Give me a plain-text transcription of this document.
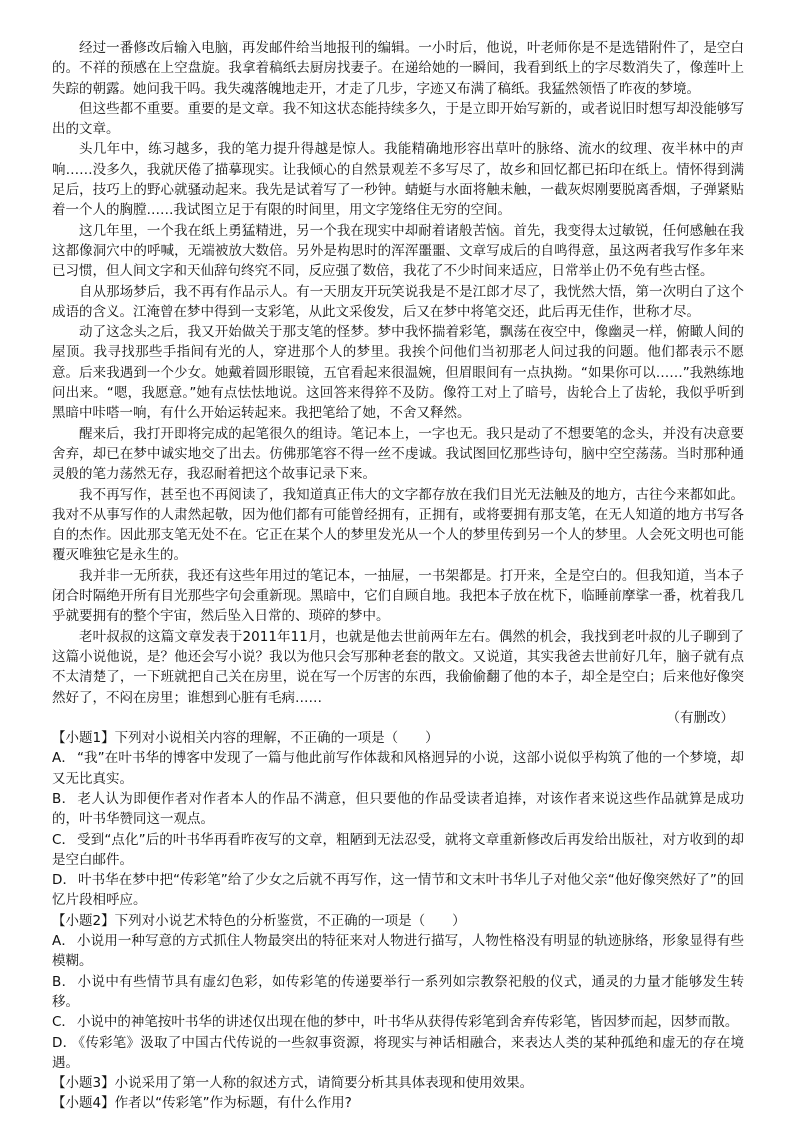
经过一番修改后输入电脑，再发邮件给当地报刊的编辑。一小时后，他说，叶老师你是不是选错附件了，是空白的。不祥的预感在上空盘旋。我拿着稿纸去厨房找妻子。在递给她的一瞬间，我看到纸上的字尽数消失了，像莲叶上失踪的朝露。她问我干吗。我失魂落魄地走开，才走了几步，字迹又布满了稿纸。我猛然领悟了昨夜的梦境。

但这些都不重要。重要的是文章。我不知这状态能持续多久，于是立即开始写新的，或者说旧时想写却没能够写出的文章。

头几年中，练习越多，我的笔力提升得越是惊人。我能精确地形容出草叶的脉络、流水的纹理、夜半林中的声响……没多久，我就厌倦了描摹现实。让我倾心的自然景观差不多写尽了，故乡和回忆都已拓印在纸上。情怀得到满足后，技巧上的野心就骚动起来。我先是试着写了一秒钟。蜻蜓与水面将触未触，一截灰烬刚要脱离香烟，子弹紧贴着一个人的胸膛……我试图立足于有限的时间里，用文字笼络住无穷的空间。

这几年里，一个我在纸上勇猛精进，另一个我在现实中却耐着诸般苦恼。首先，我变得太过敏锐，任何感触在我这都像洞穴中的呼喊，无端被放大数倍。另外是构思时的浑浑噩噩、文章写成后的自鸣得意，虽这两者我写作多年来已习惯，但人间文字和天仙辞句终究不同，反应强了数倍，我花了不少时间来适应，日常举止仍不免有些古怪。

自从那场梦后，我不再有作品示人。有一天朋友开玩笑说我是不是江郎才尽了，我恍然大悟，第一次明白了这个成语的含义。江淹曾在梦中得到一支彩笔，从此文采俊发，后又在梦中将笔交还，此后再无佳作，世称才尽。

动了这念头之后，我又开始做关于那支笔的怪梦。梦中我怀揣着彩笔，飘荡在夜空中，像幽灵一样，俯瞰人间的屋顶。我寻找那些手指间有光的人，穿进那个人的梦里。我挨个问他们当初那老人问过我的问题。他们都表示不愿意。后来我遇到一个少女。她戴着圆形眼镜，五官看起来很温婉，但眉眼间有一点执拗。“如果你可以……”我熟练地问出来。“嗯，我愿意。”她有点怯怯地说。这回答来得猝不及防。像符工对上了暗号，齿轮合上了齿轮，我似乎听到黑暗中咔嗒一响，有什么开始运转起来。我把笔给了她，不舍又释然。

醒来后，我打开即将完成的起笔很久的组诗。笔记本上，一字也无。我只是动了不想要笔的念头，并没有决意要舍弃，却已在梦中诚实地交了出去。仿佛那笔容不得一丝不虔诚。我试图回忆那些诗句，脑中空空荡荡。当时那种通灵般的笔力荡然无存，我忍耐着把这个故事记录下来。

我不再写作，甚至也不再阅读了，我知道真正伟大的文字都存放在我们目光无法触及的地方，古往今来都如此。我对不从事写作的人肃然起敬，因为他们都有可能曾经拥有，正拥有，或将要拥有那支笔，在无人知道的地方书写各自的杰作。因此那支笔无处不在。它正在某个人的梦里发光从一个人的梦里传到另一个人的梦里。人会死文明也可能覆灭唯独它是永生的。

我并非一无所获，我还有这些年用过的笔记本，一抽屉，一书架都是。打开来，全是空白的。但我知道，当本子闭合时隔绝开所有目光那些字句会重新现。黑暗中，它们自顾自地。我把本子放在枕下，临睡前摩挲一番，枕着我几乎就要拥有的整个宇宙，然后坠入日常的、琐碎的梦中。

老叶叔叔的这篇文章发表于2011年11月，也就是他去世前两年左右。偶然的机会，我找到老叶叔的儿子聊到了这篇小说他说，是？他还会写小说？我以为他只会写那种老套的散文。又说道，其实我爸去世前好几年，脑子就有点不太清楚了，一下班就把自己关在房里，说在写一个厉害的东西，我偷偷翻了他的本子，却全是空白；后来他好像突然好了，不闷在房里；谁想到心脏有毛病……

（有删改）

【小题1】下列对小说相关内容的理解，不正确的一项是（　　）

A． “我”在叶书华的博客中发现了一篇与他此前写作体裁和风格迥异的小说，这部小说似乎构筑了他的一个梦境，却又无比真实。

B． 老人认为即便作者对作者本人的作品不满意，但只要他的作品受读者追捧，对该作者来说这些作品就算是成功的，叶书华赞同这一观点。

C． 受到“点化”后的叶书华再看昨夜写的文章，粗陋到无法忍受，就将文章重新修改后再发给出版社，对方收到的却是空白邮件。

D． 叶书华在梦中把“传彩笔”给了少女之后就不再写作，这一情节和文末叶书华儿子对他父亲“他好像突然好了”的回忆片段相呼应。

【小题2】下列对小说艺术特色的分析鉴赏，不正确的一项是（　　）

A． 小说用一种写意的方式抓住人物最突出的特征来对人物进行描写，人物性格没有明显的轨迹脉络，形象显得有些模糊。

B． 小说中有些情节具有虚幻色彩，如传彩笔的传递要举行一系列如宗教祭祀般的仪式，通灵的力量才能够发生转移。

C． 小说中的神笔按叶书华的讲述仅出现在他的梦中，叶书华从获得传彩笔到舍弃传彩笔，皆因梦而起，因梦而散。

D． 《传彩笔》汲取了中国古代传说的一些叙事资源，将现实与神话相融合，来表达人类的某种孤绝和虚无的存在境遇。

【小题3】小说采用了第一人称的叙述方式，请简要分析其具体表现和使用效果。

【小题4】作者以“传彩笔”作为标题，有什么作用?
